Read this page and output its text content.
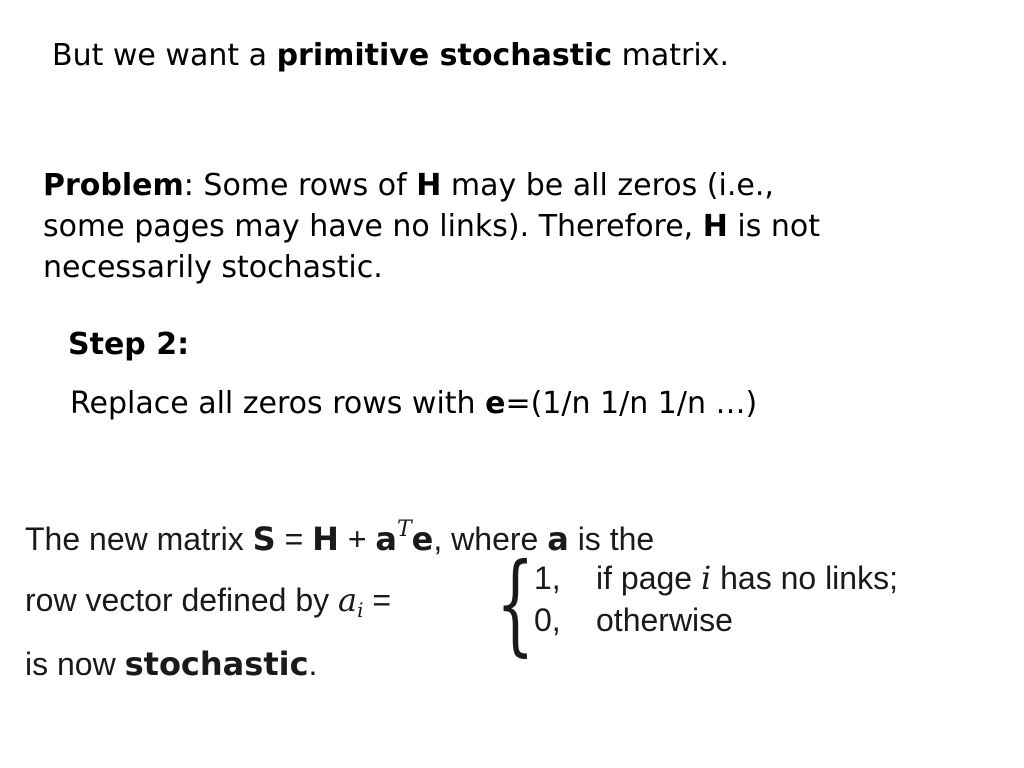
But we want a primitive stochastic matrix.
Problem: Some rows of H may be all zeros (i.e.,
some pages may have no links). Therefore, H is not
necessarily stochastic.
Step 2:
Replace all zeros rows with e=(1/n 1/n 1/n …)
The new matrix $S = H + a^Te$, where a is the
row vector defined by $a_i$ = { 1, if page i has no links;
0, otherwise
is now stochastic.
